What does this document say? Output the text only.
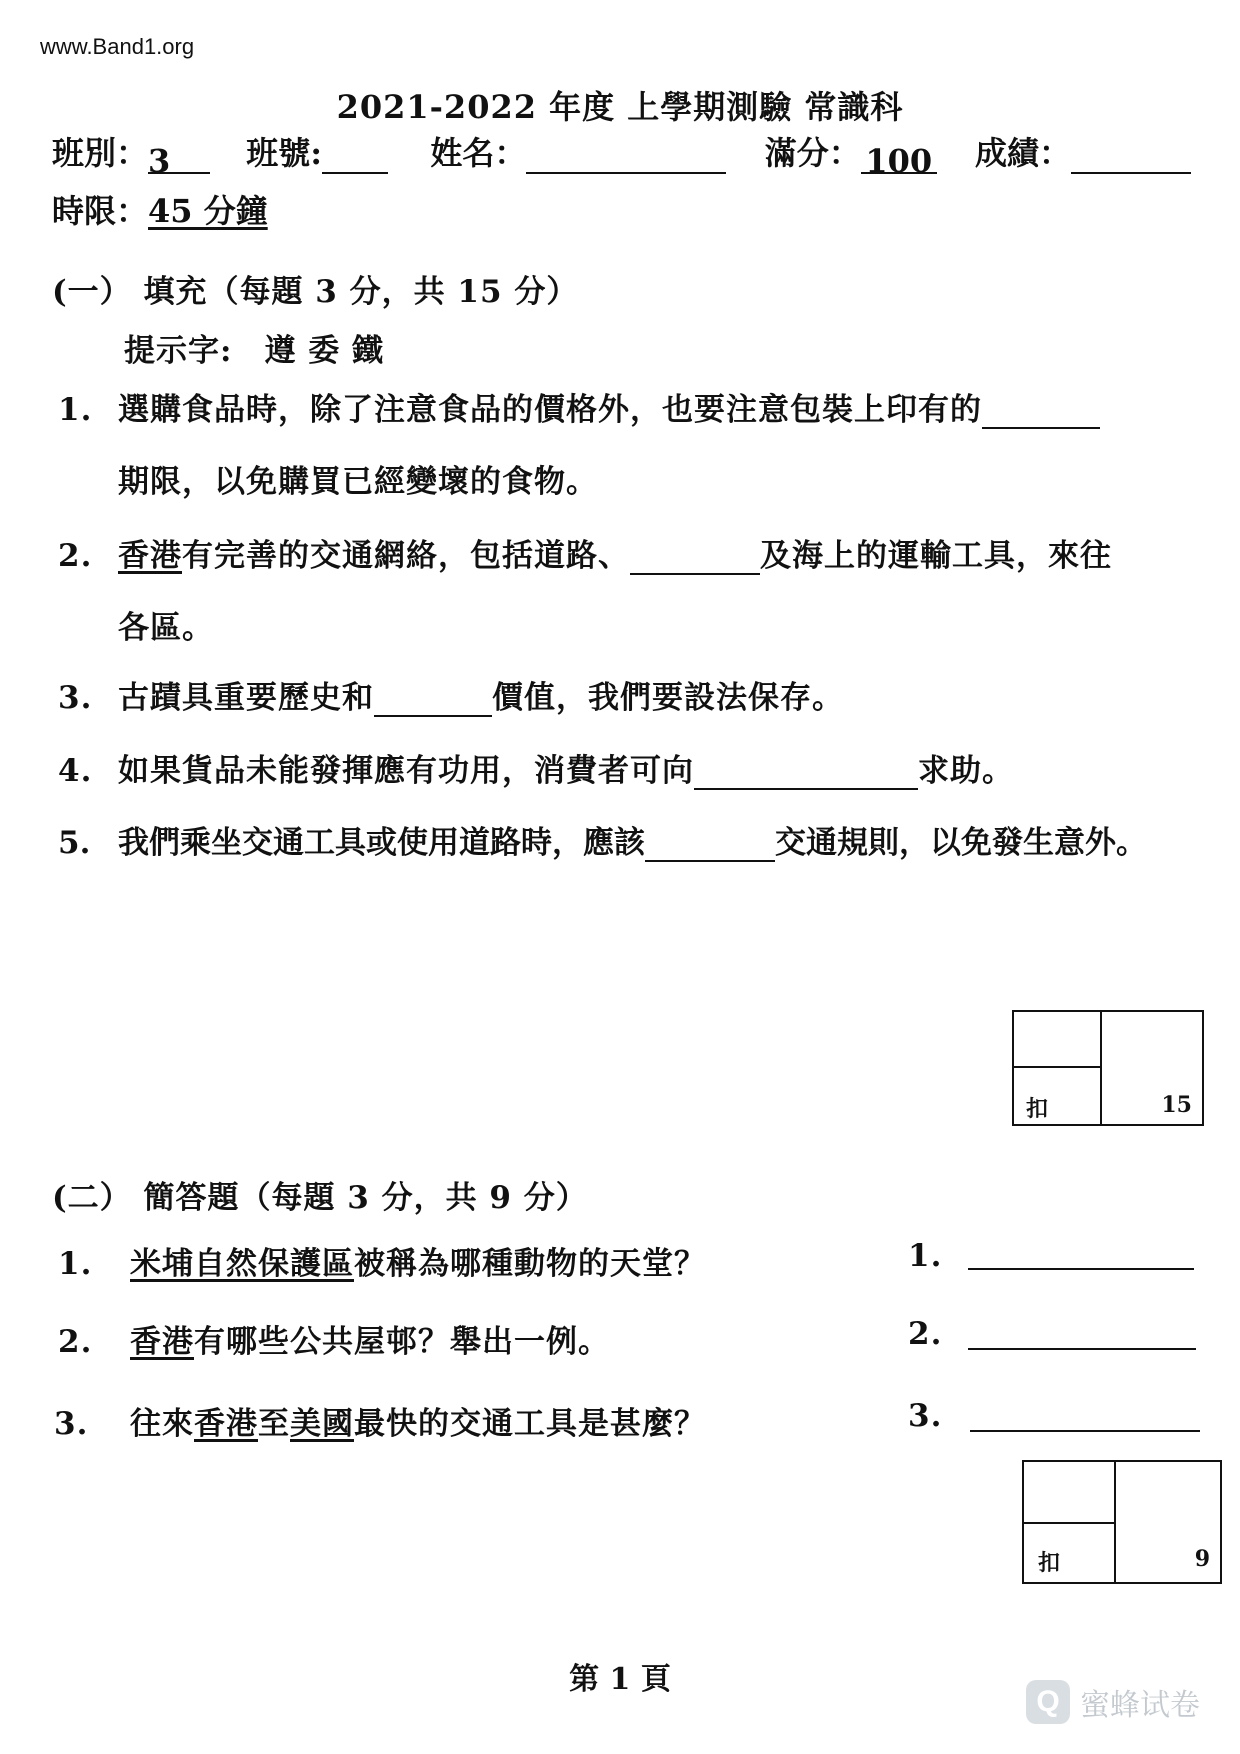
www.Band1.org
2021-2022 年度 上學期測驗 常識科
班別：3 班號:	姓名：	滿分： 100 成績：
時限：45 分鐘
(一） 填充（每題 3 分，共 15 分）
提示字:　遵 委 鐵
1. 選購食品時，除了注意食品的價格外，也要注意包裝上印有的
期限，以免購買已經變壞的食物。
2. 香港有完善的交通網絡，包括道路、	及海上的運輸工具，來往
各區。
3. 古蹟具重要歷史和	價值，我們要設法保存。
4. 如果貨品未能發揮應有功用，消費者可向	求助。
5. 我們乘坐交通工具或使用道路時，應該	交通規則，以免發生意外。
扣	15
(二） 簡答題（每題 3 分，共 9 分）
1. 米埔自然保護區被稱為哪種動物的天堂？	1.
2. 香港有哪些公共屋邨？舉出一例。	2.
3. 往來香港至美國最快的交通工具是甚麼？	3.
扣	9
第 1 頁
Q 蜜蜂试卷
